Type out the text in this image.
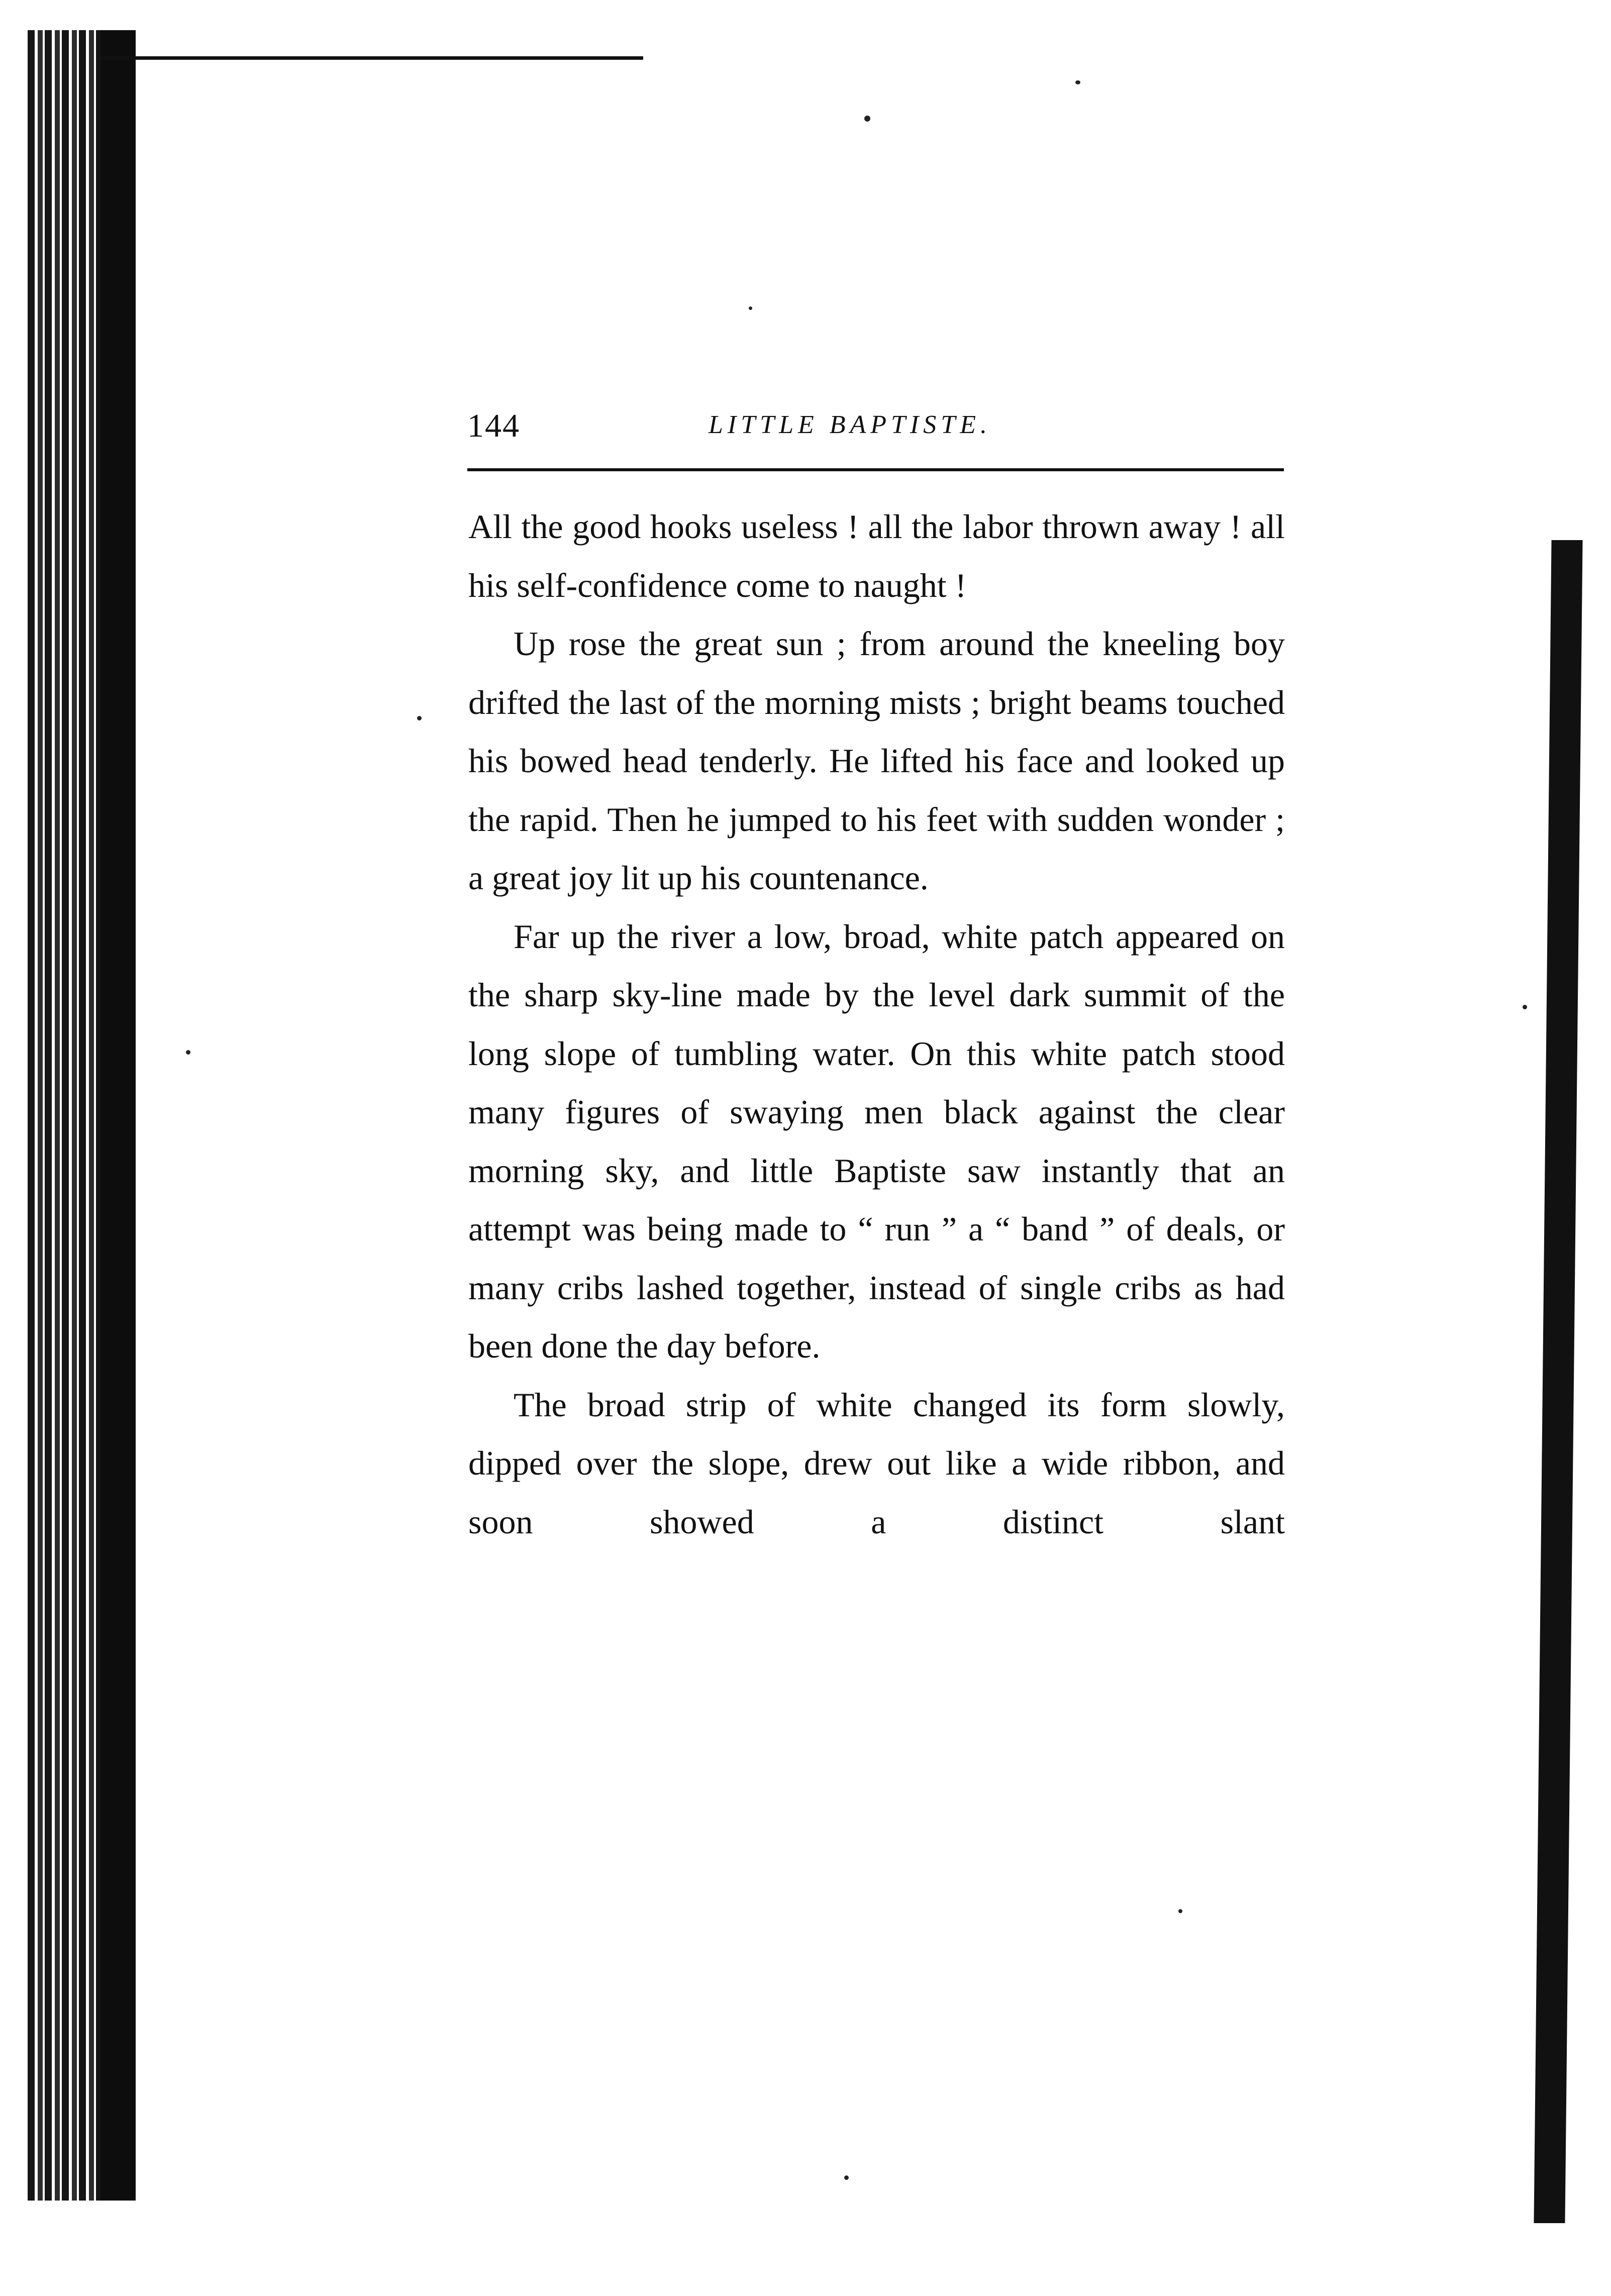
144	LITTLE BAPTISTE.

All the good hooks useless ! all the labor thrown away ! all his self-confidence come to naught !

Up rose the great sun ; from around the kneeling boy drifted the last of the morning mists ; bright beams touched his bowed head tenderly. He lifted his face and looked up the rapid. Then he jumped to his feet with sudden wonder ; a great joy lit up his countenance.

Far up the river a low, broad, white patch appeared on the sharp sky-line made by the level dark summit of the long slope of tumbling water. On this white patch stood many figures of swaying men black against the clear morning sky, and little Baptiste saw instantly that an attempt was being made to “ run ” a “ band ” of deals, or many cribs lashed together, instead of single cribs as had been done the day before.

The broad strip of white changed its form slowly, dipped over the slope, drew out like a wide ribbon, and soon showed a distinct slant
